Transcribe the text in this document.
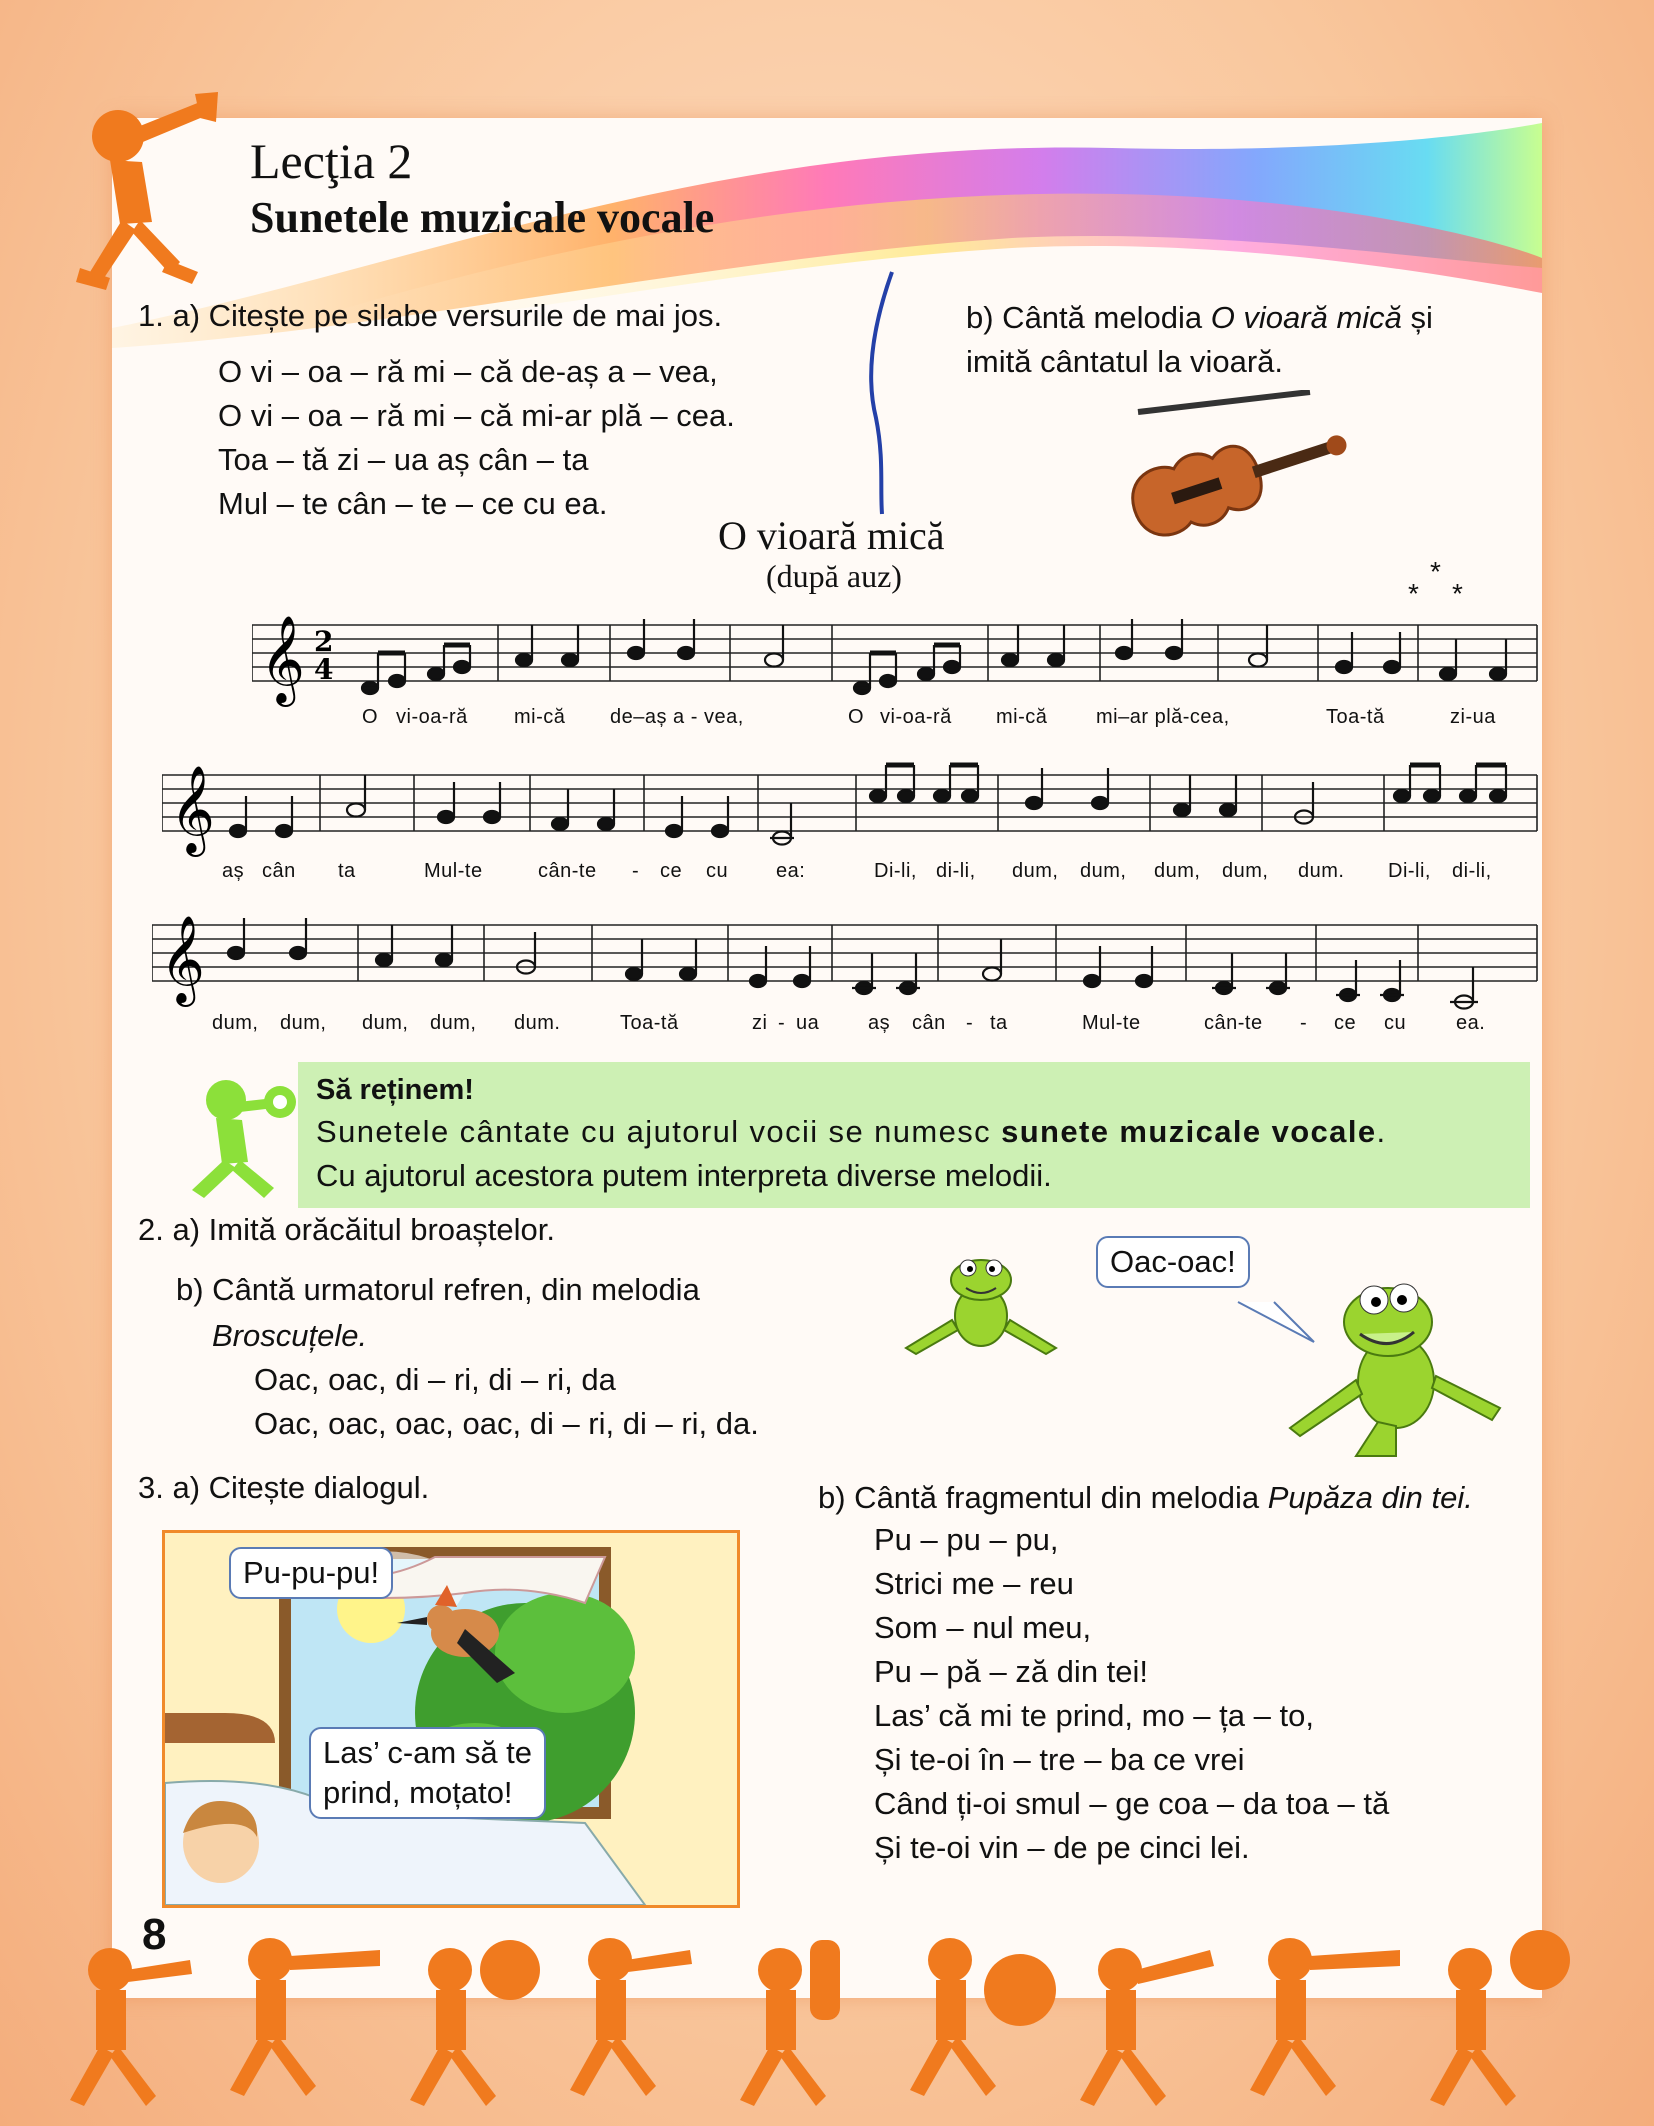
Lecţia 2
Sunetele muzicale vocale
1. a) Citește pe silabe versurile de mai jos.
O vi – oa – ră mi – că de-aș a – vea,
O vi – oa – ră mi – că mi-ar plă – cea.
Toa – tă zi – ua aș cân – ta
Mul – te cân – te – ce cu ea.
b) Cântă melodia O vioară mică și
imită cântatul la vioară.
O vioară mică
(după auz)	*
*
*
𝄞 2
4
O vi-oa-ră mi-că de–aș a - vea,	O vi-oa-ră mi-că mi–ar plă-cea,	Toa-tă	zi-ua
𝄞
aș cân ta	Mul-te	cân-te - ce cu ea:	Di-li, di-li, dum, dum, dum, dum, dum. Di-li, di-li,
𝄞
dum, dum, dum, dum, dum.	Toa-tă	zi - ua aș cân - ta	Mul-te	cân-te - ce cu ea.
Să reținem!
Sunetele cântate cu ajutorul vocii se numesc sunete muzicale vocale.
Cu ajutorul acestora putem interpreta diverse melodii.
2. a) Imită orăcăitul broaștelor.
b) Cântă urmatorul refren, din melodia
Broscuțele.
Oac, oac, di – ri, di – ri, da
Oac, oac, oac, oac, di – ri, di – ri, da.
Oac-oac!
3. a) Citește dialogul.
Pu-pu-pu!
Las’ c-am să te
prind, moțato!
b) Cântă fragmentul din melodia Pupăza din tei.
Pu – pu – pu,
Strici me – reu
Som – nul meu,
Pu – pă – ză din tei!
Las’ că mi te prind, mo – ța – to,
Și te-oi în – tre – ba ce vrei
Când ți-oi smul – ge coa – da toa – tă
Și te-oi vin – de pe cinci lei.
8
